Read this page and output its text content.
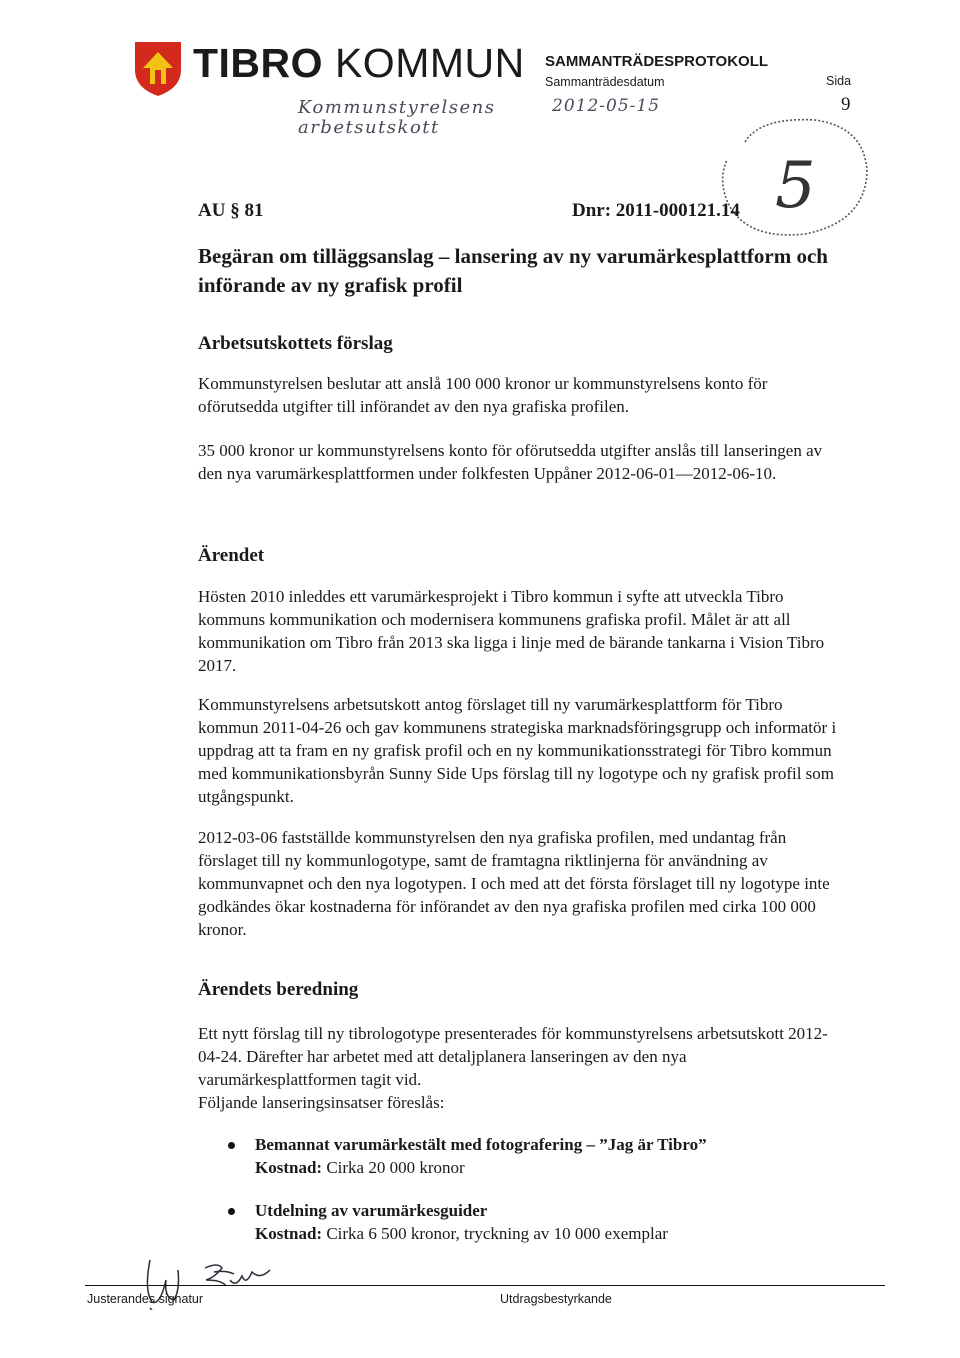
TIBRO KOMMUN
Kommunstyrelsens
arbetsutskott
SAMMANTRÄDESPROTOKOLL
Sammanträdesdatum
2012-05-15
Sida
9
5
AU § 81	Dnr: 2011-000121.14
Begäran om tilläggsanslag – lansering av ny varumärkesplattform och införande av ny grafisk profil
Arbetsutskottets förslag
Kommunstyrelsen beslutar att anslå 100 000 kronor ur kommunstyrelsens konto för oförutsedda utgifter till införandet av den nya grafiska profilen.
35 000 kronor ur kommunstyrelsens konto för oförutsedda utgifter anslås till lanseringen av den nya varumärkesplattformen under folkfesten Uppåner 2012-06-01—2012-06-10.
Ärendet
Hösten 2010 inleddes ett varumärkesprojekt i Tibro kommun i syfte att utveckla Tibro kommuns kommunikation och modernisera kommunens grafiska profil. Målet är att all kommunikation om Tibro från 2013 ska ligga i linje med de bärande tankarna i Vision Tibro 2017.
Kommunstyrelsens arbetsutskott antog förslaget till ny varumärkesplattform för Tibro kommun 2011-04-26 och gav kommunens strategiska marknadsföringsgrupp och informatör i uppdrag att ta fram en ny grafisk profil och en ny kommunikationsstrategi för Tibro kommun med kommunikationsbyrån Sunny Side Ups förslag till ny logotype och ny grafisk profil som utgångspunkt.
2012-03-06 fastställde kommunstyrelsen den nya grafiska profilen, med undantag från förslaget till ny kommunlogotype, samt de framtagna riktlinjerna för användning av kommunvapnet och den nya logotypen. I och med att det första förslaget till ny logotype inte godkändes ökar kostnaderna för införandet av den nya grafiska profilen med cirka 100 000 kronor.
Ärendets beredning
Ett nytt förslag till ny tibrologotype presenterades för kommunstyrelsens arbetsutskott 2012-04-24. Därefter har arbetet med att detaljplanera lanseringen av den nya varumärkesplattformen tagit vid.
Följande lanseringsinsatser föreslås:
Bemannat varumärkestält med fotografering – ”Jag är Tibro”
Kostnad: Cirka 20 000 kronor
Utdelning av varumärkesguider
Kostnad: Cirka 6 500 kronor, tryckning av 10 000 exemplar
Justerandes signatur	Utdragsbestyrkande
